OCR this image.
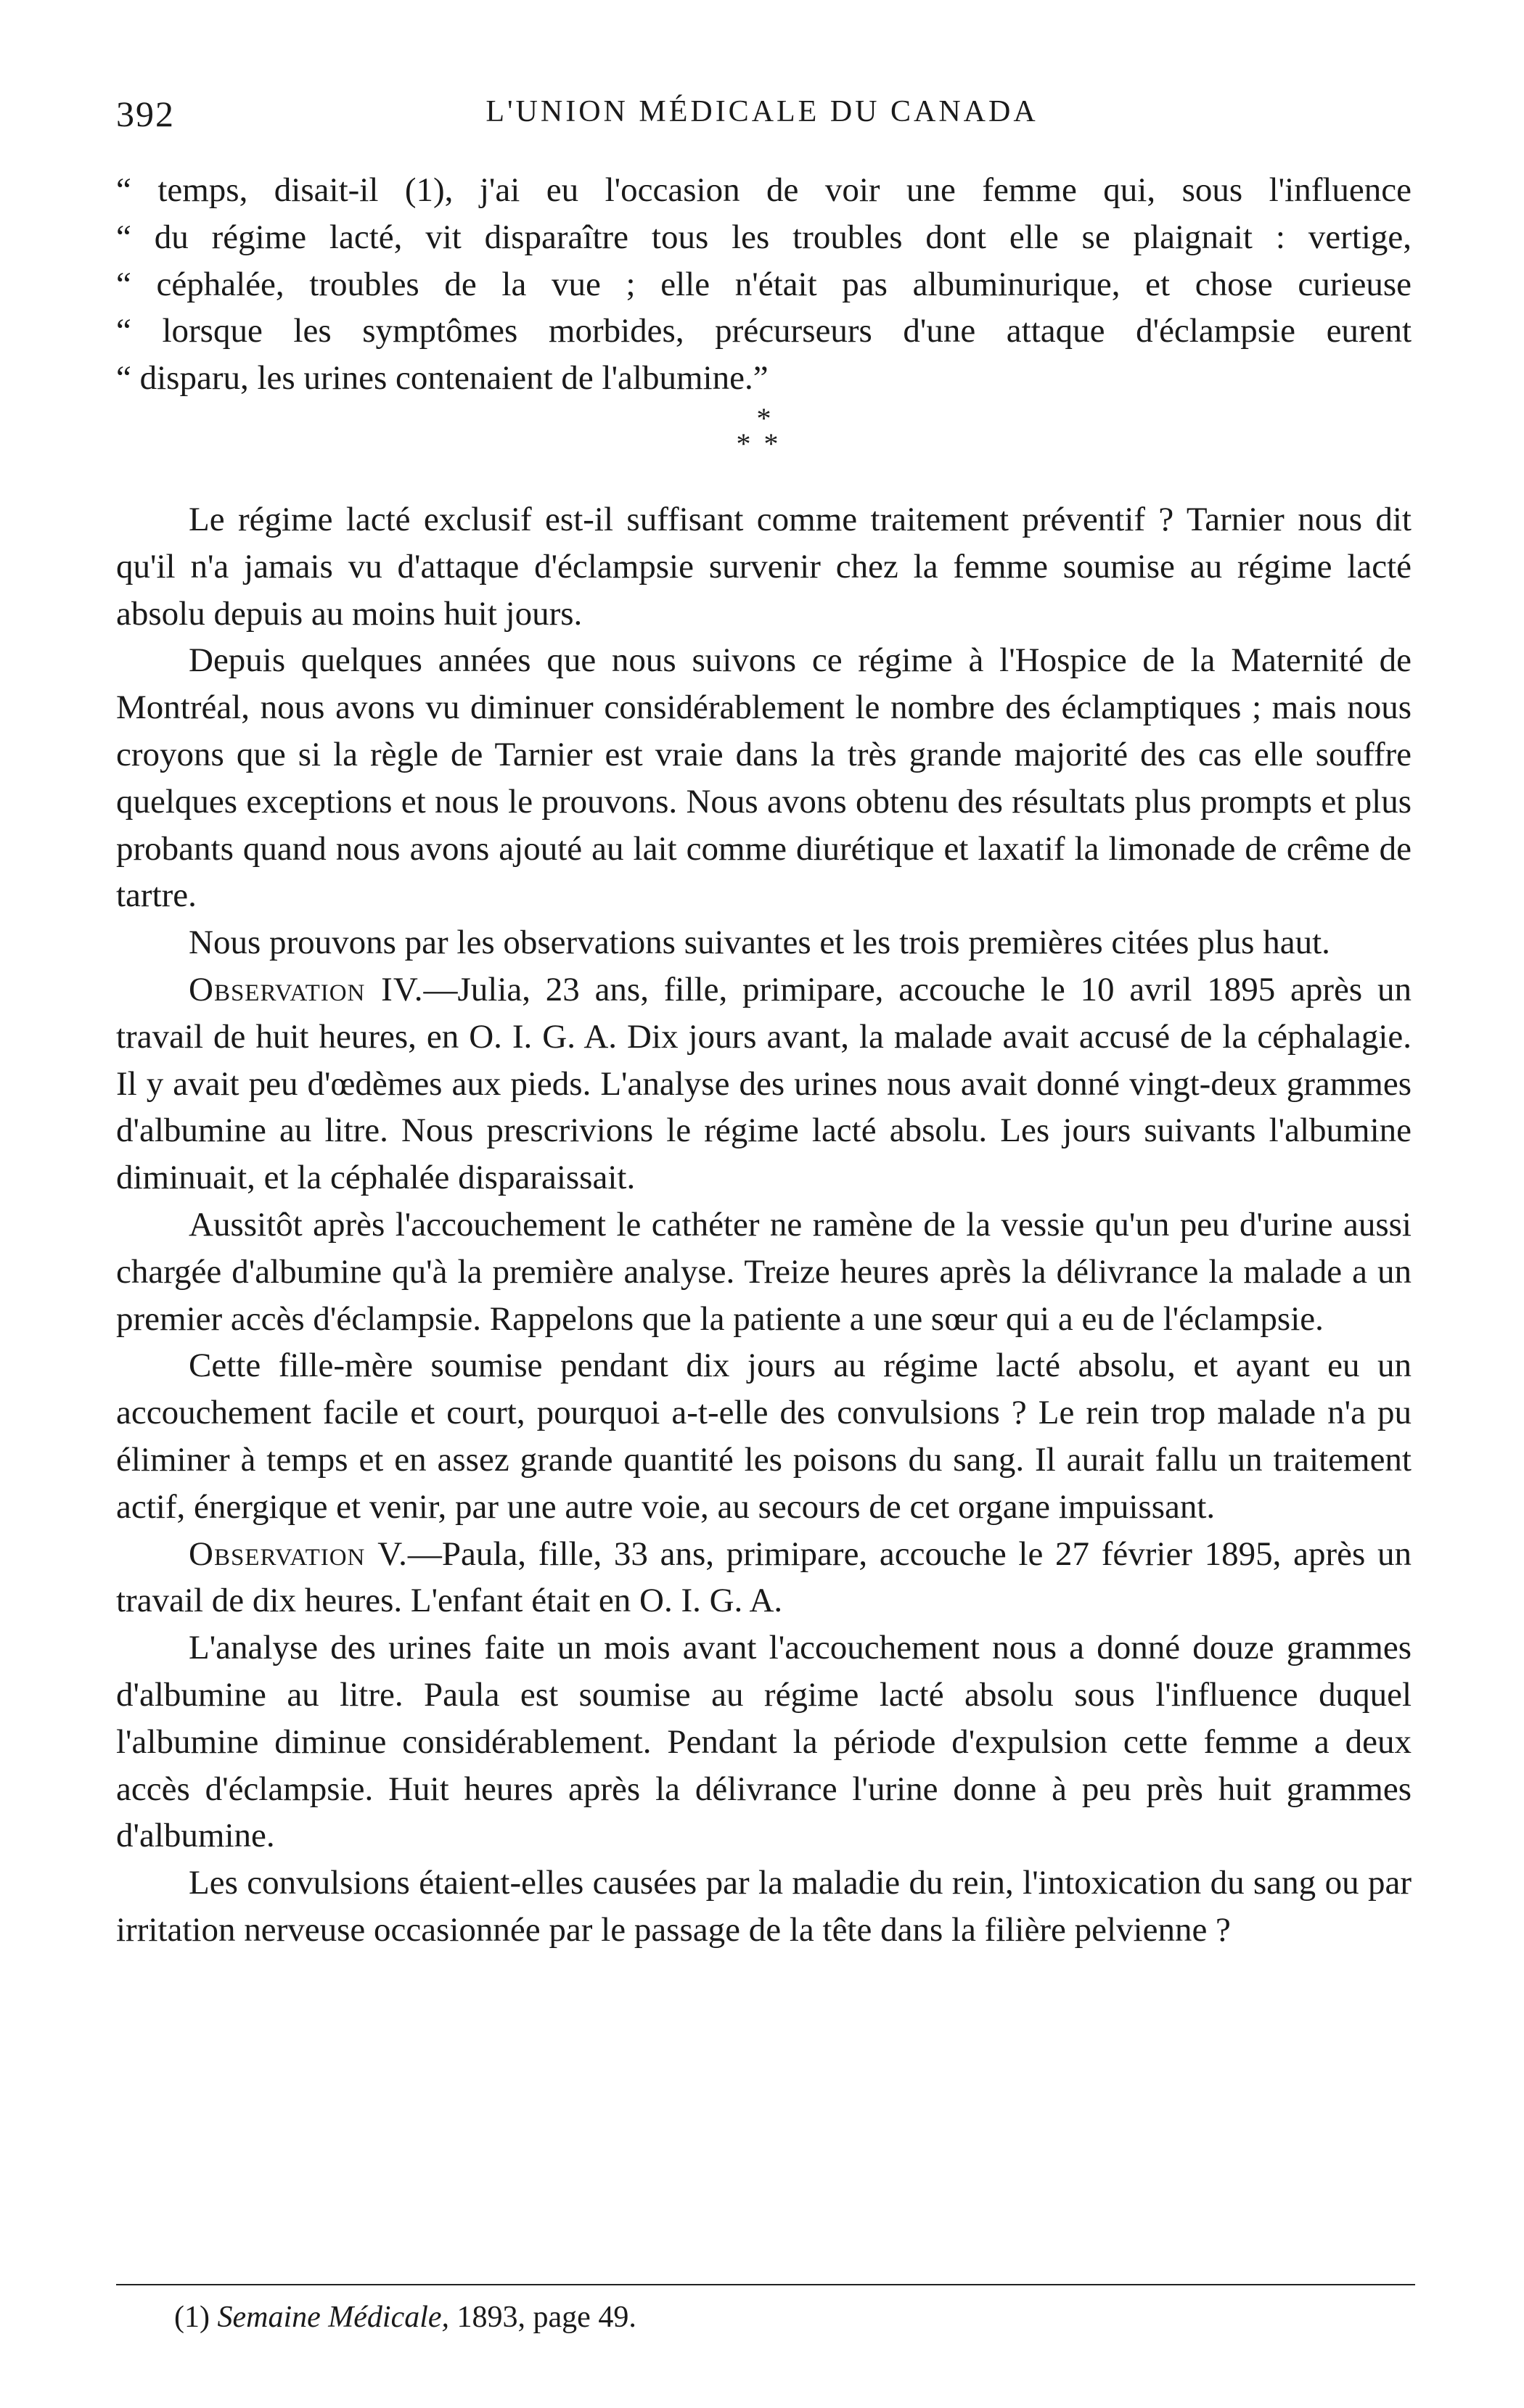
392	L'UNION MÉDICALE DU CANADA
“ temps, disait-il (1), j'ai eu l'occasion de voir une femme qui, sous l'influence
“ du régime lacté, vit disparaître tous les troubles dont elle se plaignait : vertige,
“ céphalée, troubles de la vue ; elle n'était pas albuminurique, et chose curieuse
“ lorsque les symptômes morbides, précurseurs d'une attaque d'éclampsie eurent
“ disparu, les urines contenaient de l'albumine.”
*
**

Le régime lacté exclusif est-il suffisant comme traitement préventif ? Tarnier nous dit qu'il n'a jamais vu d'attaque d'éclampsie survenir chez la femme soumise au régime lacté absolu depuis au moins huit jours.

Depuis quelques années que nous suivons ce régime à l'Hospice de la Maternité de Montréal, nous avons vu diminuer considérablement le nombre des éclamptiques ; mais nous croyons que si la règle de Tarnier est vraie dans la très grande majorité des cas elle souffre quelques exceptions et nous le prouvons. Nous avons obtenu des résultats plus prompts et plus probants quand nous avons ajouté au lait comme diurétique et laxatif la limonade de crême de tartre.

Nous prouvons par les observations suivantes et les trois premières citées plus haut.

Observation IV.—Julia, 23 ans, fille, primipare, accouche le 10 avril 1895 après un travail de huit heures, en O. I. G. A. Dix jours avant, la malade avait accusé de la céphalagie. Il y avait peu d'œdèmes aux pieds. L'analyse des urines nous avait donné vingt-deux grammes d'albumine au litre. Nous prescrivions le régime lacté absolu. Les jours suivants l'albumine diminuait, et la céphalée disparaissait.

Aussitôt après l'accouchement le cathéter ne ramène de la vessie qu'un peu d'urine aussi chargée d'albumine qu'à la première analyse. Treize heures après la délivrance la malade a un premier accès d'éclampsie. Rappelons que la patiente a une sœur qui a eu de l'éclampsie.

Cette fille-mère soumise pendant dix jours au régime lacté absolu, et ayant eu un accouchement facile et court, pourquoi a-t-elle des convulsions ? Le rein trop malade n'a pu éliminer à temps et en assez grande quantité les poisons du sang. Il aurait fallu un traitement actif, énergique et venir, par une autre voie, au secours de cet organe impuissant.

Observation V.—Paula, fille, 33 ans, primipare, accouche le 27 février 1895, après un travail de dix heures. L'enfant était en O. I. G. A.

L'analyse des urines faite un mois avant l'accouchement nous a donné douze grammes d'albumine au litre. Paula est soumise au régime lacté absolu sous l'influence duquel l'albumine diminue considérablement. Pendant la période d'expulsion cette femme a deux accès d'éclampsie. Huit heures après la délivrance l'urine donne à peu près huit grammes d'albumine.

Les convulsions étaient-elles causées par la maladie du rein, l'intoxication du sang ou par irritation nerveuse occasionnée par le passage de la tête dans la filière pelvienne ?

(1) Semaine Médicale, 1893, page 49.
